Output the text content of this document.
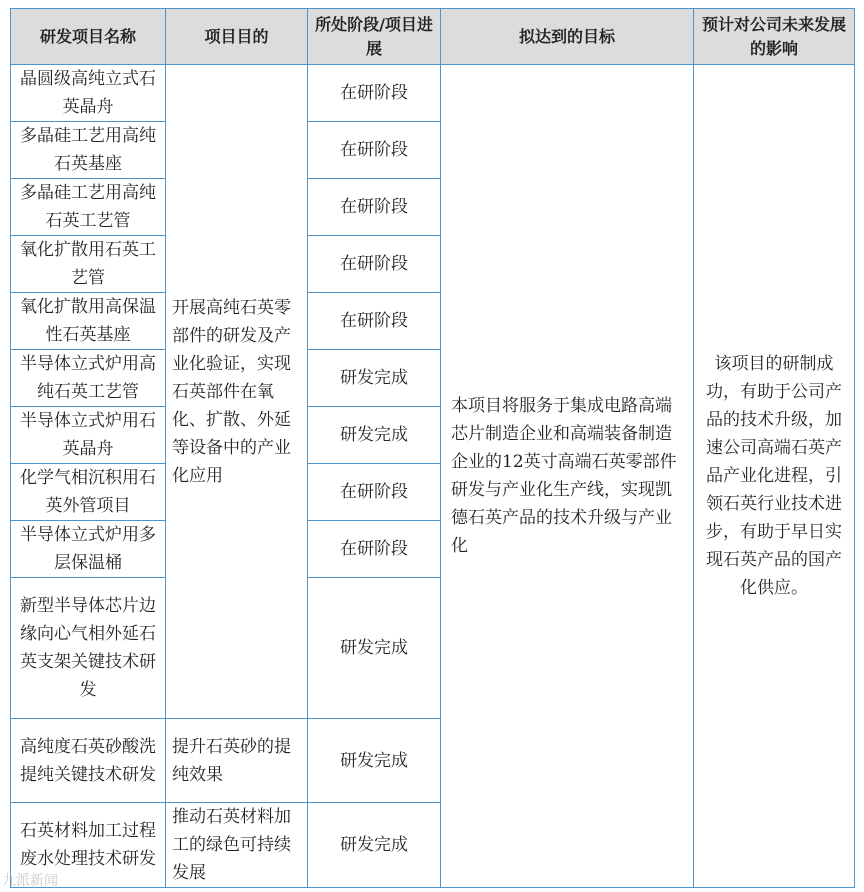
研发项目名称	项目目的	所处阶段/项目进展	拟达到的目标	预计对公司未来发展的影响
晶圆级高纯立式石英晶舟	开展高纯石英零部件的研发及产业化验证，实现石英部件在氧化、扩散、外延等设备中的产业化应用	在研阶段	本项目将服务于集成电路高端芯片制造企业和高端装备制造企业的12英寸高端石英零部件研发与产业化生产线，实现凯德石英产品的技术升级与产业化	该项目的研制成功，有助于公司产品的技术升级，加速公司高端石英产品产业化进程，引领石英行业技术进步，有助于早日实现石英产品的国产化供应。
多晶硅工艺用高纯石英基座		在研阶段		
多晶硅工艺用高纯石英工艺管		在研阶段		
氧化扩散用石英工艺管		在研阶段		
氧化扩散用高保温性石英基座		在研阶段		
半导体立式炉用高纯石英工艺管		研发完成		
半导体立式炉用石英晶舟		研发完成		
化学气相沉积用石英外管项目		在研阶段		
半导体立式炉用多层保温桶		在研阶段		
新型半导体芯片边缘向心气相外延石英支架关键技术研发		研发完成		
高纯度石英砂酸洗提纯关键技术研发	提升石英砂的提纯效果	研发完成		
石英材料加工过程废水处理技术研发	推动石英材料加工的绿色可持续发展	研发完成		
九派新闻
